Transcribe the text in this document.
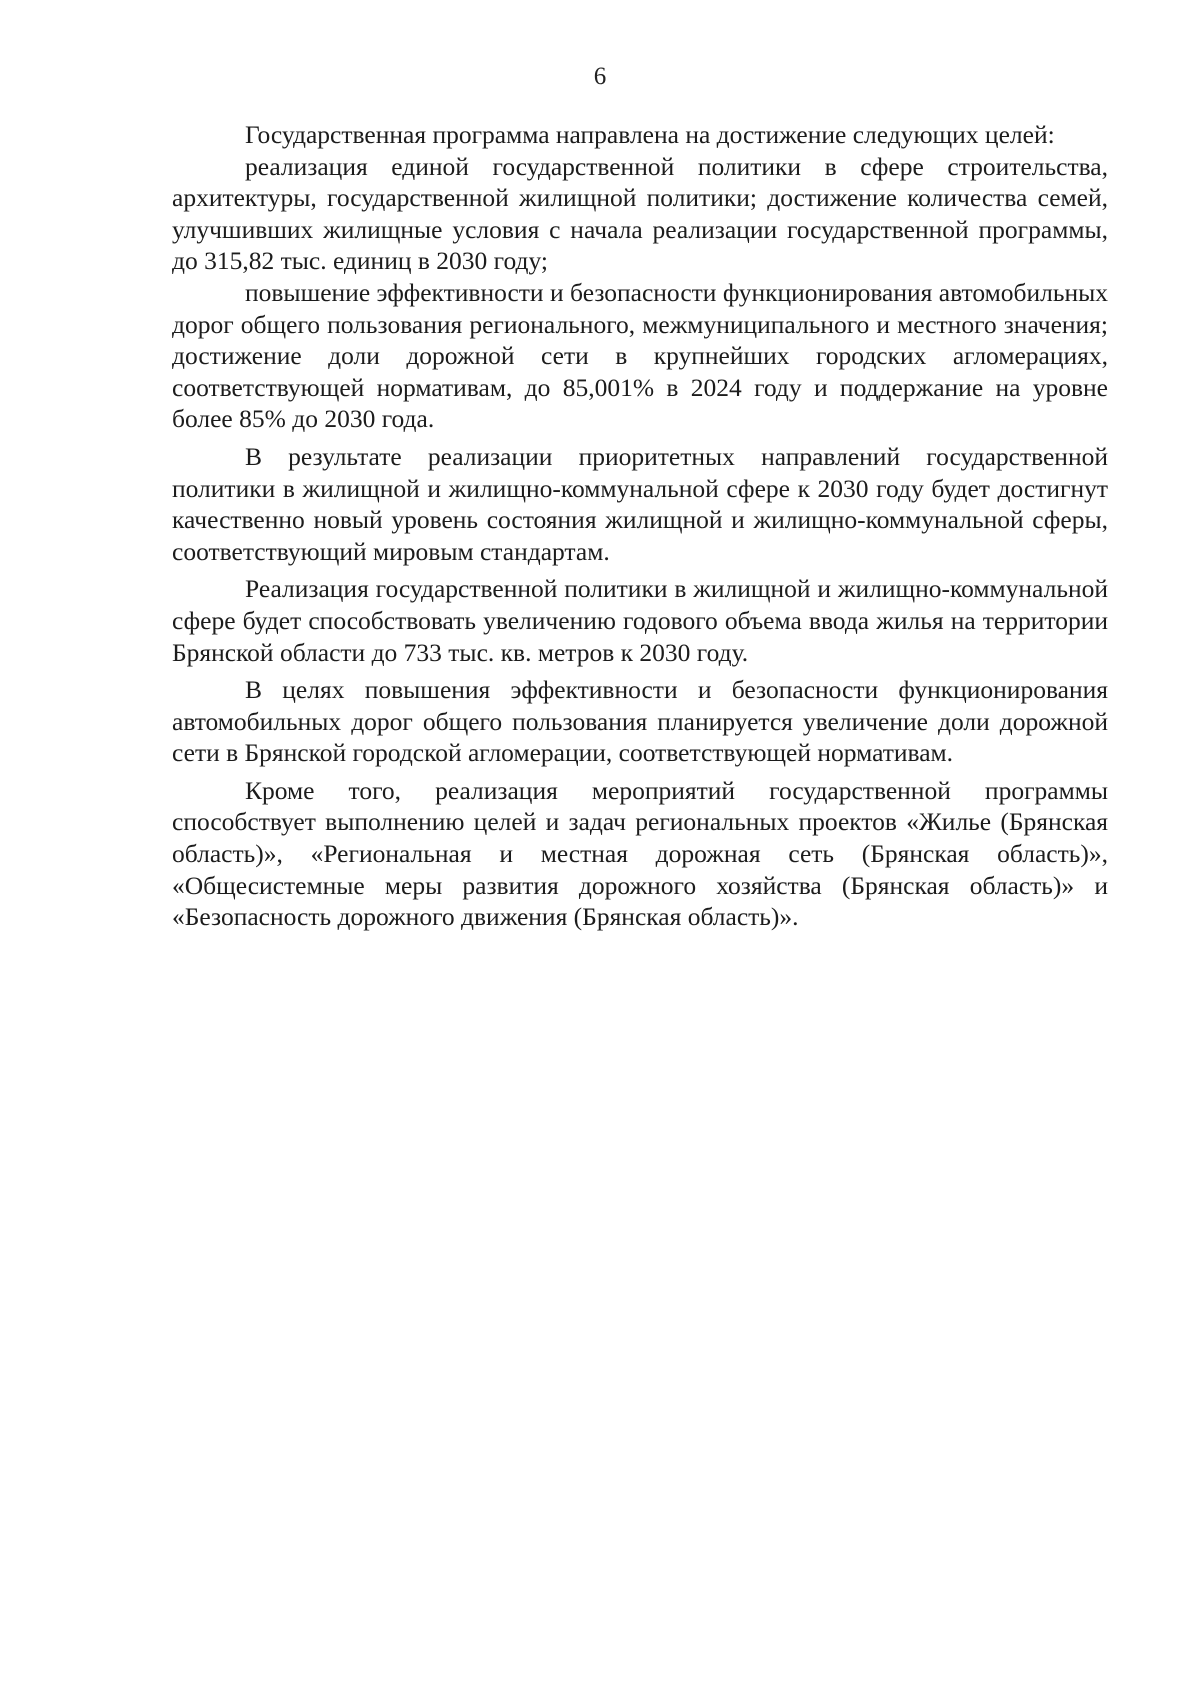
6

Государственная программа направлена на достижение следующих целей:

реализация единой государственной политики в сфере строительства, архитектуры, государственной жилищной политики; достижение количества семей, улучшивших жилищные условия с начала реализации государственной программы, до 315,82 тыс. единиц в 2030 году;

повышение эффективности и безопасности функционирования автомобильных дорог общего пользования регионального, межмуниципального и местного значения; достижение доли дорожной сети в крупнейших городских агломерациях, соответствующей нормативам, до 85,001% в 2024 году и поддержание на уровне более 85% до 2030 года.

В результате реализации приоритетных направлений государственной политики в жилищной и жилищно-коммунальной сфере к 2030 году будет достигнут качественно новый уровень состояния жилищной и жилищно-коммунальной сферы, соответствующий мировым стандартам.

Реализация государственной политики в жилищной и жилищно-коммунальной сфере будет способствовать увеличению годового объема ввода жилья на территории Брянской области до 733 тыс. кв. метров к 2030 году.

В целях повышения эффективности и безопасности функционирования автомобильных дорог общего пользования планируется увеличение доли дорожной сети в Брянской городской агломерации, соответствующей нормативам.

Кроме того, реализация мероприятий государственной программы способствует выполнению целей и задач региональных проектов «Жилье (Брянская область)», «Региональная и местная дорожная сеть (Брянская область)», «Общесистемные меры развития дорожного хозяйства (Брянская область)» и «Безопасность дорожного движения (Брянская область)».
